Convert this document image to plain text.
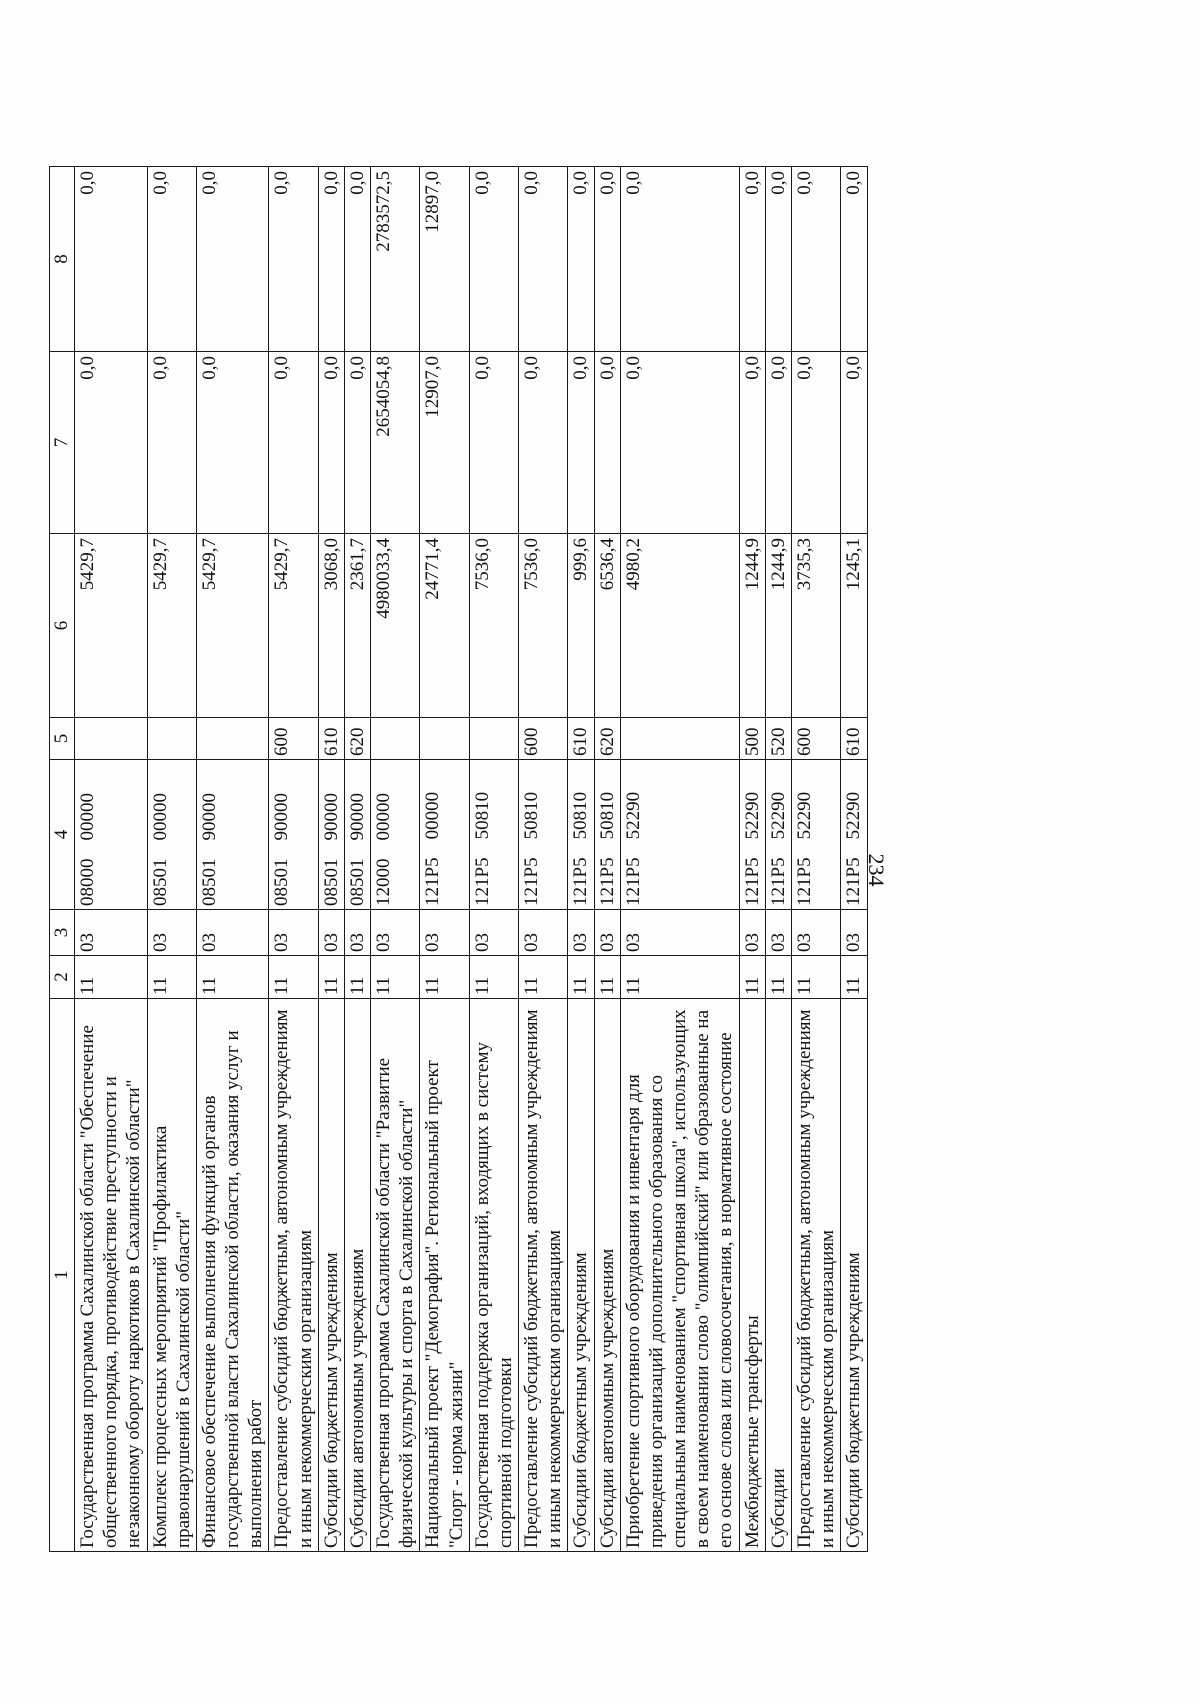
234
1	2	3	4	5	6	7	8
Государственная программа Сахалинской области "Обеспечение общественного порядка, противодействие преступности и незаконному обороту наркотиков в Сахалинской области"	11	03	0800000000		5429,7	0,0	0,0
Комплекс процессных мероприятий "Профилактика правонарушений в Сахалинской области"	11	03	0850100000		5429,7	0,0	0,0
Финансовое обеспечение выполнения функций органов государственной власти Сахалинской области, оказания услуг и выполнения работ	11	03	0850190000		5429,7	0,0	0,0
Предоставление субсидий бюджетным, автономным учреждениям и иным некоммерческим организациям	11	03	0850190000	600	5429,7	0,0	0,0
Субсидии бюджетным учреждениям	11	03	0850190000	610	3068,0	0,0	0,0
Субсидии автономным учреждениям	11	03	0850190000	620	2361,7	0,0	0,0
Государственная программа Сахалинской области "Развитие физической культуры и спорта в Сахалинской области"	11	03	1200000000		4980033,4	2654054,8	2783572,5
Национальный проект "Демография". Региональный проект "Спорт - норма жизни"	11	03	121P500000		24771,4	12907,0	12897,0
Государственная поддержка организаций, входящих в систему спортивной подготовки	11	03	121P550810		7536,0	0,0	0,0
Предоставление субсидий бюджетным, автономным учреждениям и иным некоммерческим организациям	11	03	121P550810	600	7536,0	0,0	0,0
Субсидии бюджетным учреждениям	11	03	121P550810	610	999,6	0,0	0,0
Субсидии автономным учреждениям	11	03	121P550810	620	6536,4	0,0	0,0
Приобретение спортивного оборудования и инвентаря для приведения организаций дополнительного образования со специальным наименованием "спортивная школа", использующих в своем наименовании слово "олимпийский" или образованные на его основе слова или словосочетания, в нормативное состояние	11	03	121P552290		4980,2	0,0	0,0
Межбюджетные трансферты	11	03	121P552290	500	1244,9	0,0	0,0
Субсидии	11	03	121P552290	520	1244,9	0,0	0,0
Предоставление субсидий бюджетным, автономным учреждениям и иным некоммерческим организациям	11	03	121P552290	600	3735,3	0,0	0,0
Субсидии бюджетным учреждениям	11	03	121P552290	610	1245,1	0,0	0,0
